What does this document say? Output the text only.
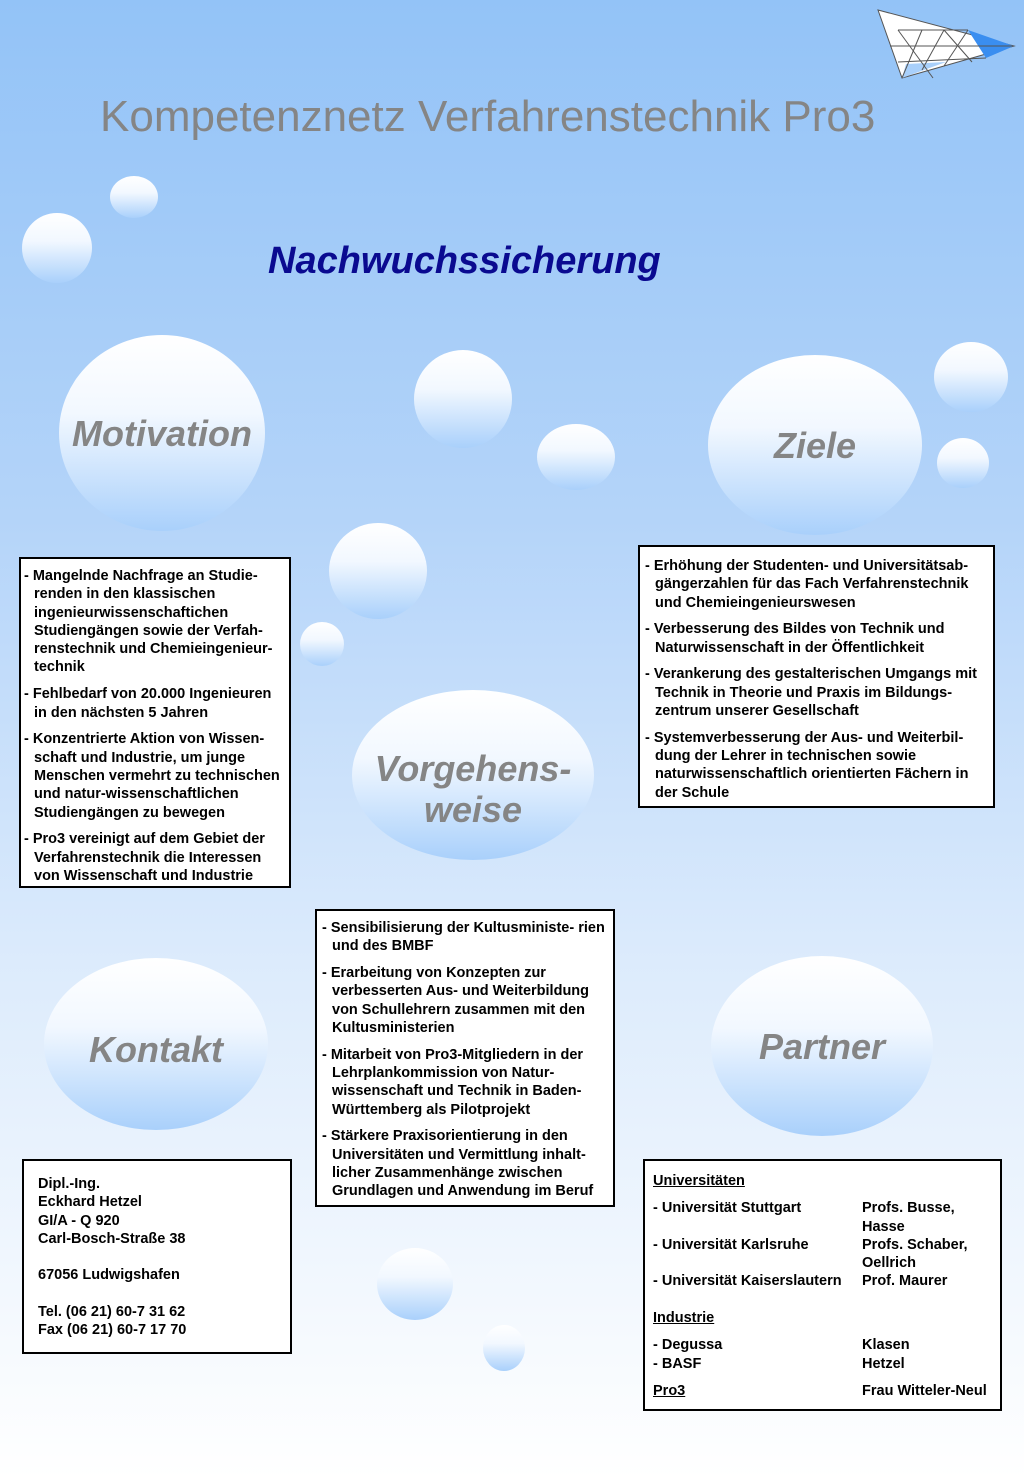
Kompetenznetz Verfahrenstechnik Pro3
Nachwuchssicherung
Motivation	Ziele
Vorgehens-
weise
Kontakt	Partner
- Mangelnde Nachfrage an Studie- renden in den klassischen ingenieurwissenschaftichen Studiengängen sowie der Verfah- renstechnik und Chemieingenieur- technik
- Fehlbedarf von 20.000 Ingenieuren in den nächsten 5 Jahren
- Konzentrierte Aktion von Wissen- schaft und Industrie, um junge Menschen vermehrt zu technischen und natur-wissenschaftlichen Studiengängen zu bewegen
- Pro3 vereinigt auf dem Gebiet der Verfahrenstechnik die Interessen von Wissenschaft und Industrie
- Erhöhung der Studenten- und Universitätsab- gängerzahlen für das Fach Verfahrenstechnik und Chemieingenieurswesen
- Verbesserung des Bildes von Technik und Naturwissenschaft in der Öffentlichkeit
- Verankerung des gestalterischen Umgangs mit Technik in Theorie und Praxis im Bildungs- zentrum unserer Gesellschaft
- Systemverbesserung der Aus- und Weiterbil- dung der Lehrer in technischen sowie naturwissenschaftlich orientierten Fächern in der Schule
- Sensibilisierung der Kultusministe- rien und des BMBF
- Erarbeitung von Konzepten zur verbesserten Aus- und Weiterbildung von Schullehrern zusammen mit den Kultusministerien
- Mitarbeit von Pro3-Mitgliedern in der Lehrplankommission von Natur- wissenschaft und Technik in Baden- Württemberg als Pilotprojekt
- Stärkere Praxisorientierung in den Universitäten und Vermittlung inhalt- licher Zusammenhänge zwischen Grundlagen und Anwendung im Beruf
Dipl.-Ing.
Eckhard Hetzel
GI/A - Q 920
Carl-Bosch-Straße 38
67056 Ludwigshafen
Tel. (06 21) 60-7 31 62
Fax (06 21) 60-7 17 70
Universitäten
- Universität Stuttgart	Profs. Busse, Hasse
- Universität Karlsruhe	Profs. Schaber, Oellrich
- Universität Kaiserslautern	Prof. Maurer
Industrie
- Degussa	Klasen
- BASF	Hetzel
Pro3	Frau Witteler-Neul
